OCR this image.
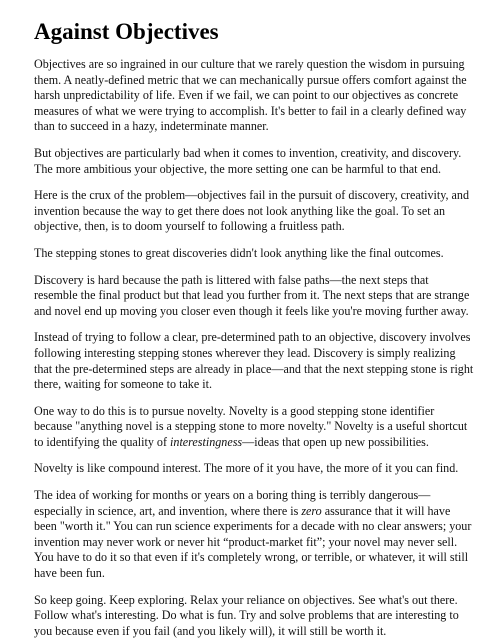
Against Objectives

Objectives are so ingrained in our culture that we rarely question the wisdom in pursuing them. A neatly-defined metric that we can mechanically pursue offers comfort against the harsh unpredictability of life. Even if we fail, we can point to our objectives as concrete measures of what we were trying to accomplish. It's better to fail in a clearly defined way than to succeed in a hazy, indeterminate manner.

But objectives are particularly bad when it comes to invention, creativity, and discovery. The more ambitious your objective, the more setting one can be harmful to that end.

Here is the crux of the problem—objectives fail in the pursuit of discovery, creativity, and invention because the way to get there does not look anything like the goal. To set an objective, then, is to doom yourself to following a fruitless path.

The stepping stones to great discoveries didn't look anything like the final outcomes.

Discovery is hard because the path is littered with false paths—the next steps that resemble the final product but that lead you further from it. The next steps that are strange and novel end up moving you closer even though it feels like you're moving further away.

Instead of trying to follow a clear, pre-determined path to an objective, discovery involves following interesting stepping stones wherever they lead. Discovery is simply realizing that the pre-determined steps are already in place—and that the next stepping stone is right there, waiting for someone to take it.

One way to do this is to pursue novelty. Novelty is a good stepping stone identifier because "anything novel is a stepping stone to more novelty." Novelty is a useful shortcut to identifying the quality of interestingness—ideas that open up new possibilities.

Novelty is like compound interest. The more of it you have, the more of it you can find.

The idea of working for months or years on a boring thing is terribly dangerous—especially in science, art, and invention, where there is zero assurance that it will have been "worth it." You can run science experiments for a decade with no clear answers; your invention may never work or never hit “product-market fit”; your novel may never sell. You have to do it so that even if it's completely wrong, or terrible, or whatever, it will still have been fun.

So keep going. Keep exploring. Relax your reliance on objectives. See what's out there. Follow what's interesting. Do what is fun. Try and solve problems that are interesting to you because even if you fail (and you likely will), it will still be worth it.
